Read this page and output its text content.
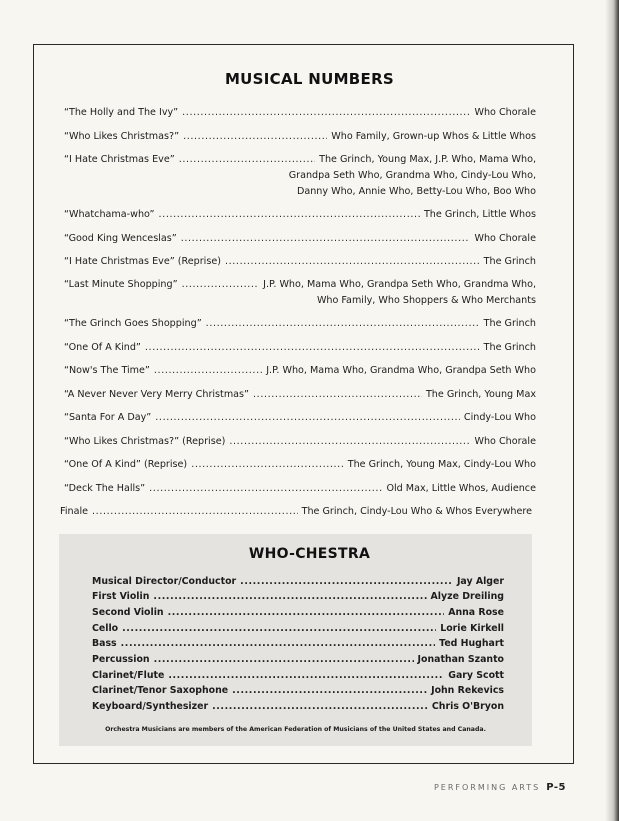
MUSICAL NUMBERS
“The Holly and The Ivy” .....	Who Chorale
“Who Likes Christmas?” .....	Who Family, Grown-up Whos & Little Whos
“I Hate Christmas Eve” .....	The Grinch, Young Max, J.P. Who, Mama Who,
Grandpa Seth Who, Grandma Who, Cindy-Lou Who,
Danny Who, Annie Who, Betty-Lou Who, Boo Who
“Whatchama-who” .....	The Grinch, Little Whos
“Good King Wenceslas” .....	Who Chorale
“I Hate Christmas Eve” (Reprise) .....	The Grinch
“Last Minute Shopping” .....	J.P. Who, Mama Who, Grandpa Seth Who, Grandma Who,
Who Family, Who Shoppers & Who Merchants
“The Grinch Goes Shopping” .....	The Grinch
“One Of A Kind” .....	The Grinch
“Now's The Time” .....	J.P. Who, Mama Who, Grandma Who, Grandpa Seth Who
“A Never Never Very Merry Christmas” .....	The Grinch, Young Max
“Santa For A Day” .....	Cindy-Lou Who
“Who Likes Christmas?” (Reprise) .....	Who Chorale
“One Of A Kind” (Reprise) .....	The Grinch, Young Max, Cindy-Lou Who
“Deck The Halls” .....	Old Max, Little Whos, Audience
Finale .....	The Grinch, Cindy-Lou Who & Whos Everywhere
WHO-CHESTRA
Musical Director/Conductor .....	Jay Alger
First Violin .....	Alyze Dreiling
Second Violin .....	Anna Rose
Cello .....	Lorie Kirkell
Bass .....	Ted Hughart
Percussion .....	Jonathan Szanto
Clarinet/Flute .....	Gary Scott
Clarinet/Tenor Saxophone .....	John Rekevics
Keyboard/Synthesizer .....	Chris O'Bryon
Orchestra Musicians are members of the American Federation of Musicians of the United States and Canada.
PERFORMING ARTS P-5
